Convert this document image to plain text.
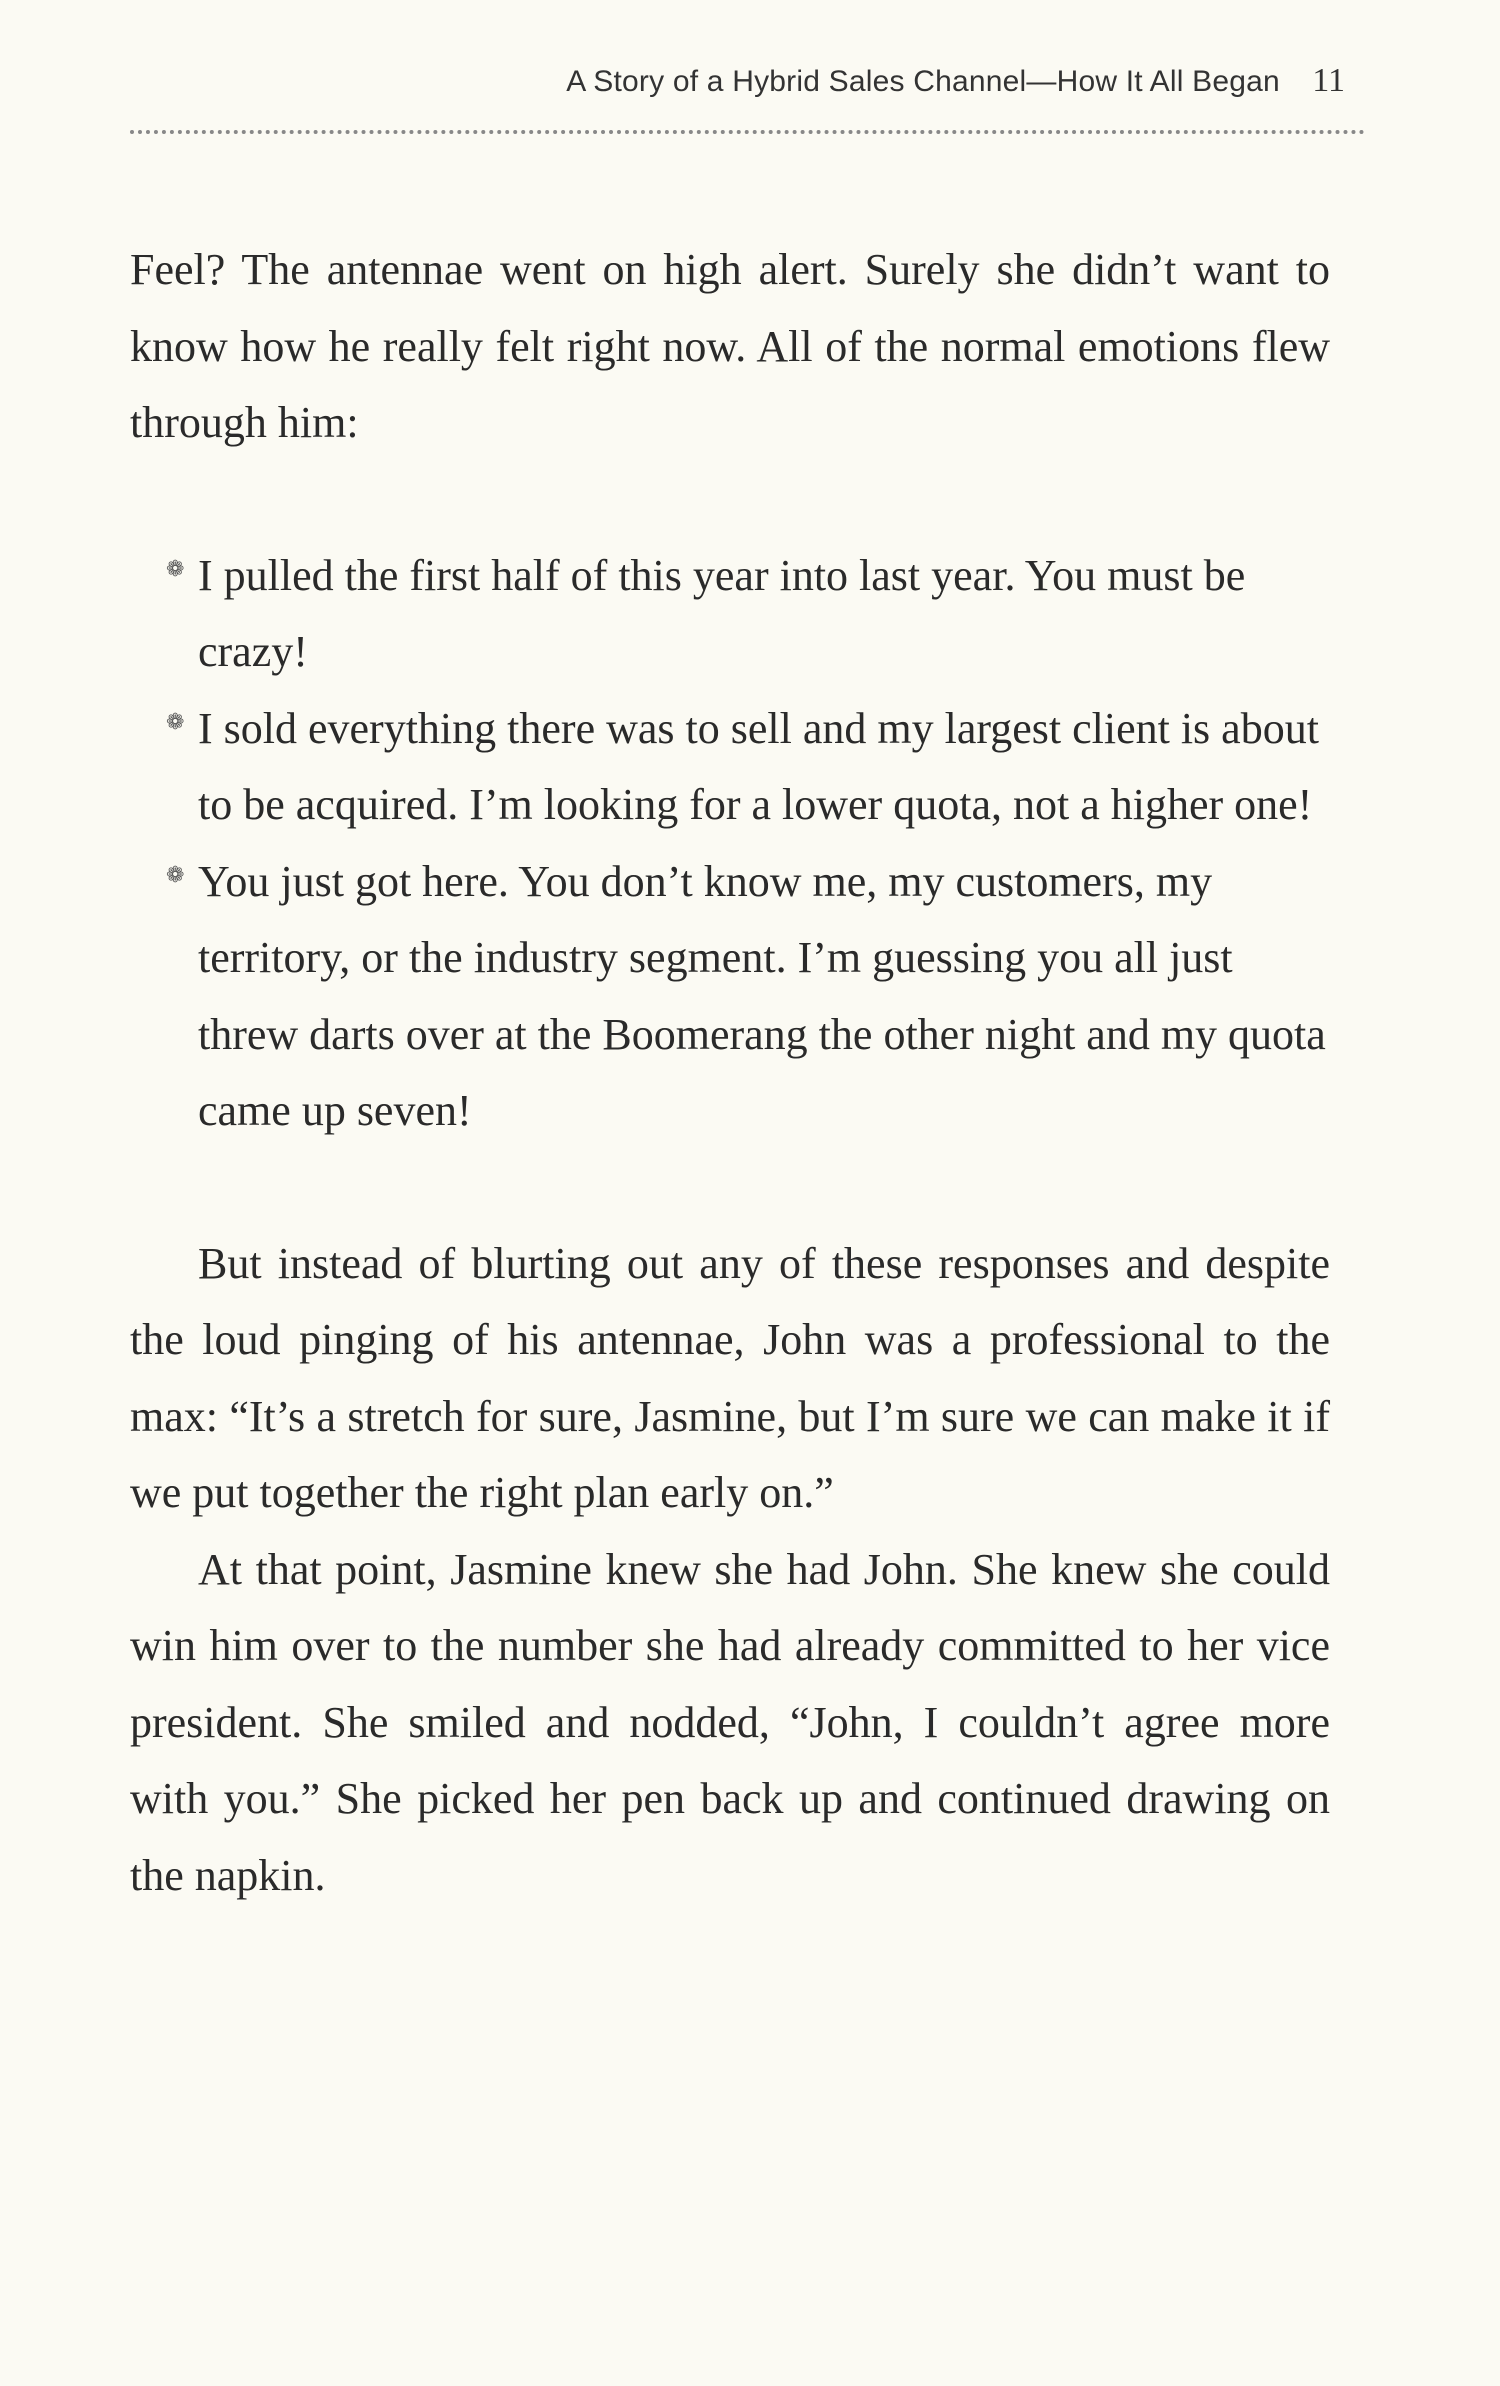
A Story of a Hybrid Sales Channel—How It All Began 11

Feel? The antennae went on high alert. Surely she didn’t want to know how he really felt right now. All of the normal emotions flew through him:

❁ I pulled the first half of this year into last year. You must be crazy!
❁ I sold everything there was to sell and my largest client is about to be acquired. I’m looking for a lower quota, not a higher one!
❁ You just got here. You don’t know me, my customers, my territory, or the industry segment. I’m guessing you all just threw darts over at the Boomerang the other night and my quota came up seven!

But instead of blurting out any of these responses and despite the loud pinging of his antennae, John was a professional to the max: “It’s a stretch for sure, Jasmine, but I’m sure we can make it if we put together the right plan early on.”

At that point, Jasmine knew she had John. She knew she could win him over to the number she had already committed to her vice president. She smiled and nodded, “John, I couldn’t agree more with you.” She picked her pen back up and continued drawing on the napkin.
